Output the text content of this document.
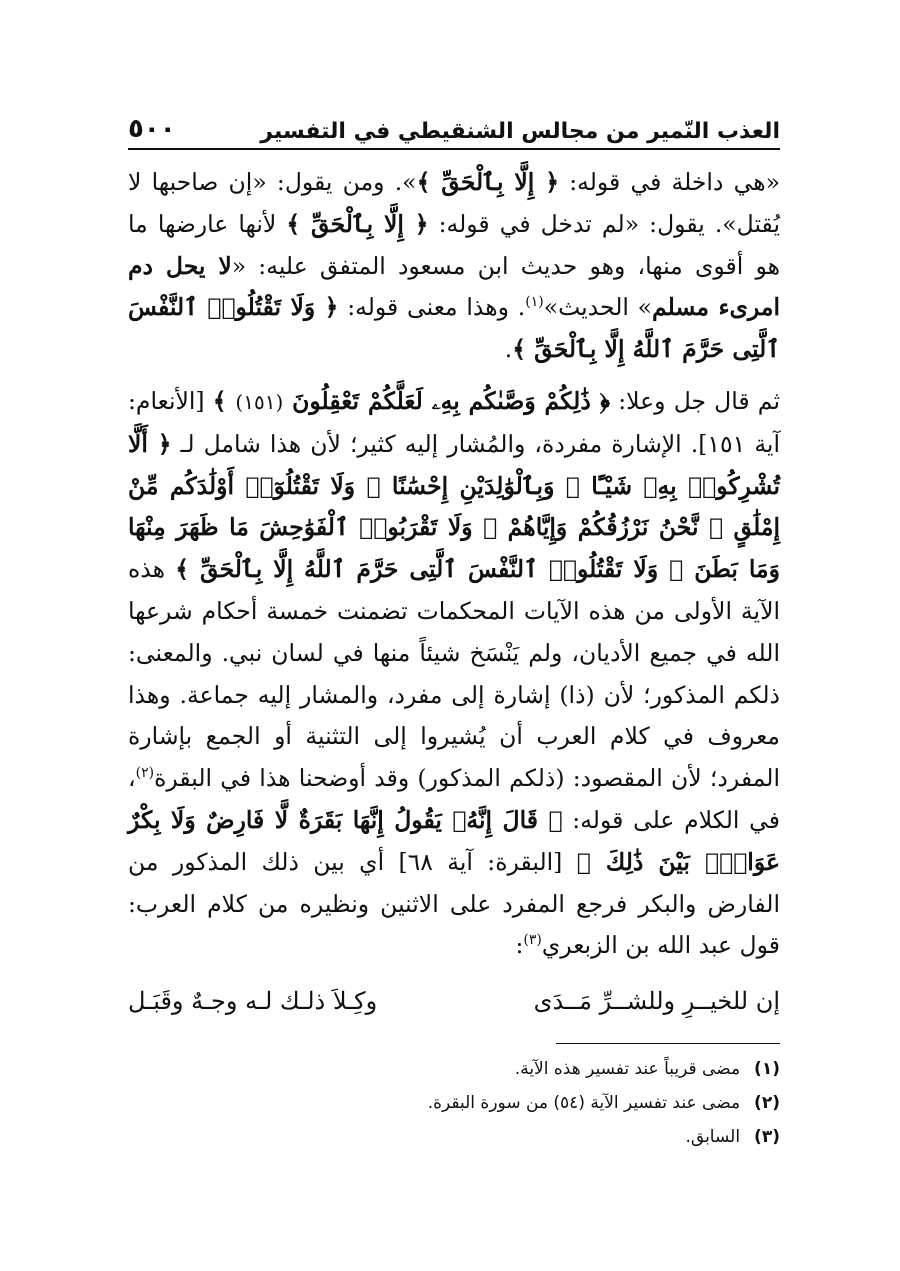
العذب النّمير من مجالس الشنقيطي في التفسير
٥٠٠

«هي داخلة في قوله: ﴿ إِلَّا بِٱلْحَقِّ ﴾». ومن يقول: «إن صاحبها لا يُقتل». يقول: «لم تدخل في قوله: ﴿ إِلَّا بِٱلْحَقِّ ﴾ لأنها عارضها ما هو أقوى منها، وهو حديث ابن مسعود المتفق عليه: «لا يحل دم امرىء مسلم» الحديث»$^{(١)}$. وهذا معنى قوله: ﴿ وَلَا تَقْتُلُوا۟ ٱلنَّفْسَ ٱلَّتِى حَرَّمَ ٱللَّهُ إِلَّا بِٱلْحَقِّ ﴾.

ثم قال جل وعلا: ﴿ ذَٰلِكُمْ وَصَّىٰكُم بِهِۦ لَعَلَّكُمْ تَعْقِلُونَ (١٥١) ﴾ [الأنعام: آية ١٥١]. الإشارة مفردة، والمُشار إليه كثير؛ لأن هذا شامل لـ ﴿ أَلَّا تُشْرِكُوا۟ بِهِۦ شَيْـًٔا ۖ وَبِٱلْوَٰلِدَيْنِ إِحْسَٰنًا ۖ وَلَا تَقْتُلُوٓا۟ أَوْلَٰدَكُم مِّنْ إِمْلَٰقٍ ۖ نَّحْنُ نَرْزُقُكُمْ وَإِيَّاهُمْ ۖ وَلَا تَقْرَبُوا۟ ٱلْفَوَٰحِشَ مَا ظَهَرَ مِنْهَا وَمَا بَطَنَ ۖ وَلَا تَقْتُلُوا۟ ٱلنَّفْسَ ٱلَّتِى حَرَّمَ ٱللَّهُ إِلَّا بِٱلْحَقِّ ﴾ هذه الآية الأولى من هذه الآيات المحكمات تضمنت خمسة أحكام شرعها الله في جميع الأديان، ولم يَنْسَخ شيئاً منها في لسان نبي. والمعنى: ذلكم المذكور؛ لأن (ذا) إشارة إلى مفرد، والمشار إليه جماعة. وهذا معروف في كلام العرب أن يُشيروا إلى التثنية أو الجمع بإشارة المفرد؛ لأن المقصود: (ذلكم المذكور) وقد أوضحنا هذا في البقرة$^{(٢)}$، في الكلام على قوله: ﴿ قَالَ إِنَّهُۥ يَقُولُ إِنَّهَا بَقَرَةٌ لَّا فَارِضٌ وَلَا بِكْرٌ عَوَانٌۢ بَيْنَ ذَٰلِكَ ﴾ [البقرة: آية ٦٨] أي بين ذلك المذكور من الفارض والبكر فرجع المفرد على الاثنين ونظيره من كلام العرب: قول عبد الله بن الزبعري$^{(٣)}$:

إن للخيــرِ وللشــرِّ مَــدَى
وكِـلاَ ذلـك لـه وجـهٌ وقَبَـل
(١)
مضى قريباً عند تفسير هذه الآية.
(٢)
مضى عند تفسير الآية (٥٤) من سورة البقرة.
(٣)
السابق.
